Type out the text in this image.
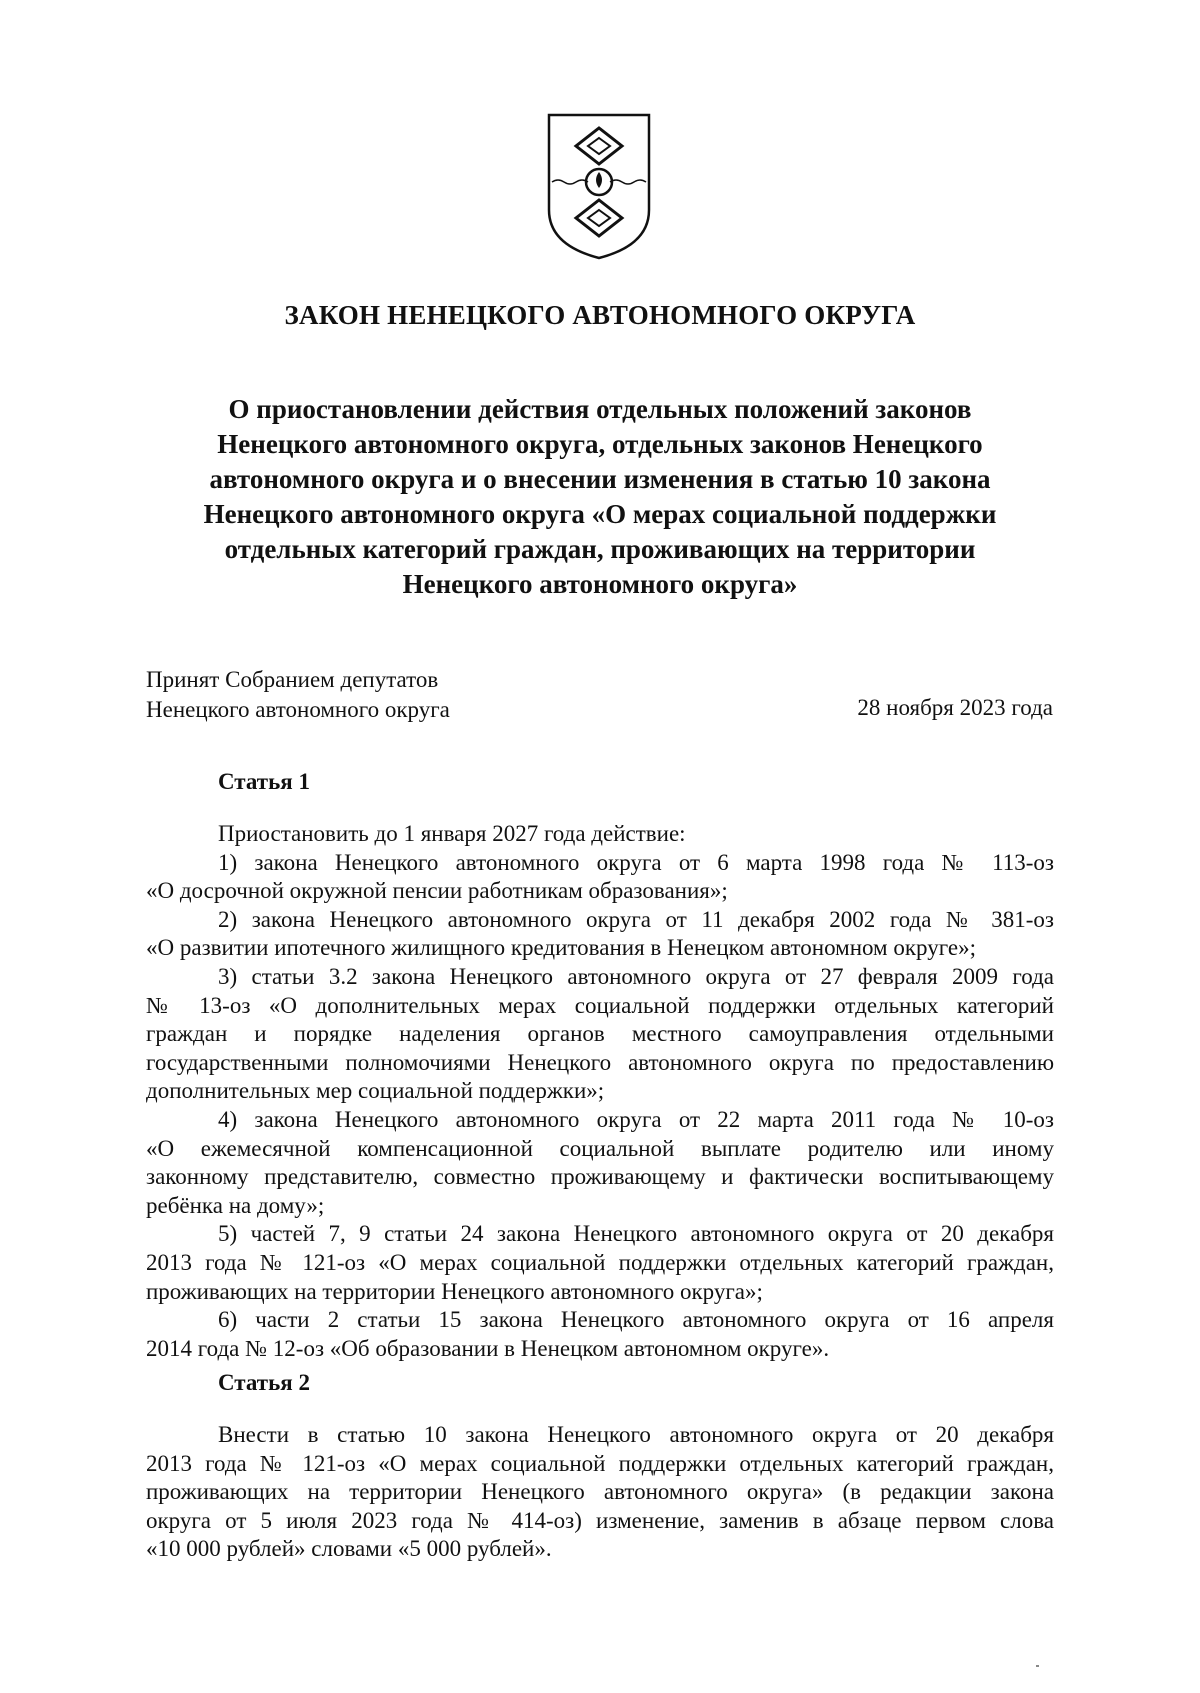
ЗАКОН НЕНЕЦКОГО АВТОНОМНОГО ОКРУГА
О приостановлении действия отдельных положений законов
Ненецкого автономного округа, отдельных законов Ненецкого
автономного округа и о внесении изменения в статью 10 закона
Ненецкого автономного округа «О мерах социальной поддержки
отдельных категорий граждан, проживающих на территории
Ненецкого автономного округа»
Принят Собранием депутатов
Ненецкого автономного округа	28 ноября 2023 года
Статья 1
Приостановить до 1 января 2027 года действие:
1) закона Ненецкого автономного округа от 6 марта 1998 года № 113-оз
«О досрочной окружной пенсии работникам образования»;
2) закона Ненецкого автономного округа от 11 декабря 2002 года № 381-оз
«О развитии ипотечного жилищного кредитования в Ненецком автономном округе»;
3) статьи 3.2 закона Ненецкого автономного округа от 27 февраля 2009 года
№ 13-оз «О дополнительных мерах социальной поддержки отдельных категорий
граждан и порядке наделения органов местного самоуправления отдельными
государственными полномочиями Ненецкого автономного округа по предоставлению
дополнительных мер социальной поддержки»;
4) закона Ненецкого автономного округа от 22 марта 2011 года № 10-оз
«О ежемесячной компенсационной социальной выплате родителю или иному
законному представителю, совместно проживающему и фактически воспитывающему
ребёнка на дому»;
5) частей 7, 9 статьи 24 закона Ненецкого автономного округа от 20 декабря
2013 года № 121-оз «О мерах социальной поддержки отдельных категорий граждан,
проживающих на территории Ненецкого автономного округа»;
6) части 2 статьи 15 закона Ненецкого автономного округа от 16 апреля
2014 года № 12-оз «Об образовании в Ненецком автономном округе».
Статья 2
Внести в статью 10 закона Ненецкого автономного округа от 20 декабря
2013 года № 121-оз «О мерах социальной поддержки отдельных категорий граждан,
проживающих на территории Ненецкого автономного округа» (в редакции закона
округа от 5 июля 2023 года № 414-оз) изменение, заменив в абзаце первом слова
«10 000 рублей» словами «5 000 рублей».
